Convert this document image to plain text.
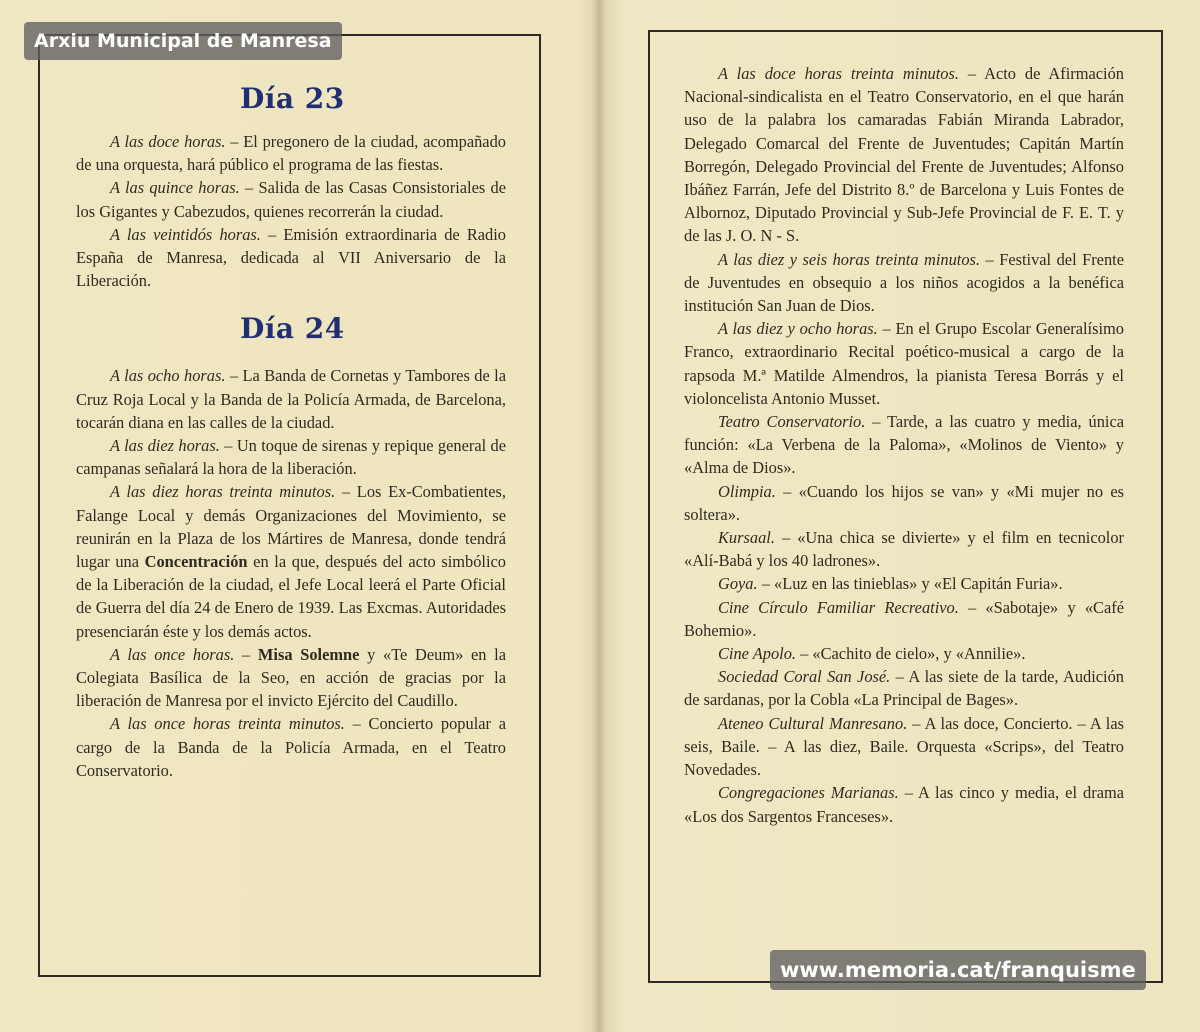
Día 23

A las doce horas. – El pregonero de la ciudad, acompañado de una orquesta, hará público el programa de las fiestas.

A las quince horas. – Salida de las Casas Consistoriales de los Gigantes y Cabezudos, quienes recorrerán la ciudad.

A las veintidós horas. – Emisión extraordinaria de Radio España de Manresa, dedicada al VII Aniversario de la Liberación.

Día 24

A las ocho horas. – La Banda de Cornetas y Tambores de la Cruz Roja Local y la Banda de la Policía Armada, de Barcelona, tocarán diana en las calles de la ciudad.

A las diez horas. – Un toque de sirenas y repique general de campanas señalará la hora de la liberación.

A las diez horas treinta minutos. – Los Ex-Combatientes, Falange Local y demás Organizaciones del Movimiento, se reunirán en la Plaza de los Mártires de Manresa, donde tendrá lugar una Concentración en la que, después del acto simbólico de la Liberación de la ciudad, el Jefe Local leerá el Parte Oficial de Guerra del día 24 de Enero de 1939. Las Excmas. Autoridades presenciarán éste y los demás actos.

A las once horas. – Misa Solemne y «Te Deum» en la Colegiata Basílica de la Seo, en acción de gracias por la liberación de Manresa por el invicto Ejército del Caudillo.

A las once horas treinta minutos. – Concierto popular a cargo de la Banda de la Policía Armada, en el Teatro Conservatorio.

A las doce horas treinta minutos. – Acto de Afirmación Nacional-sindicalista en el Teatro Conservatorio, en el que harán uso de la palabra los camaradas Fabián Miranda Labrador, Delegado Comarcal del Frente de Juventudes; Capitán Martín Borregón, Delegado Provincial del Frente de Juventudes; Alfonso Ibáñez Farrán, Jefe del Distrito 8.º de Barcelona y Luis Fontes de Albornoz, Diputado Provincial y Sub-Jefe Provincial de F. E. T. y de las J. O. N - S.

A las diez y seis horas treinta minutos. – Festival del Frente de Juventudes en obsequio a los niños acogidos a la benéfica institución San Juan de Dios.

A las diez y ocho horas. – En el Grupo Escolar Generalísimo Franco, extraordinario Recital poético-musical a cargo de la rapsoda M.ª Matilde Almendros, la pianista Teresa Borrás y el violoncelista Antonio Musset.

Teatro Conservatorio. – Tarde, a las cuatro y media, única función: «La Verbena de la Paloma», «Molinos de Viento» y «Alma de Dios».

Olimpia. – «Cuando los hijos se van» y «Mi mujer no es soltera».

Kursaal. – «Una chica se divierte» y el film en tecnicolor «Alí-Babá y los 40 ladrones».

Goya. – «Luz en las tinieblas» y «El Capitán Furia».

Cine Círculo Familiar Recreativo. – «Sabotaje» y «Café Bohemio».

Cine Apolo. – «Cachito de cielo», y «Annilie».

Sociedad Coral San José. – A las siete de la tarde, Audición de sardanas, por la Cobla «La Principal de Bages».

Ateneo Cultural Manresano. – A las doce, Concierto. – A las seis, Baile. – A las diez, Baile. Orquesta «Scrips», del Teatro Novedades.

Congregaciones Marianas. – A las cinco y media, el drama «Los dos Sargentos Franceses».

Arxiu Municipal de Manresa
www.memoria.cat/franquisme
